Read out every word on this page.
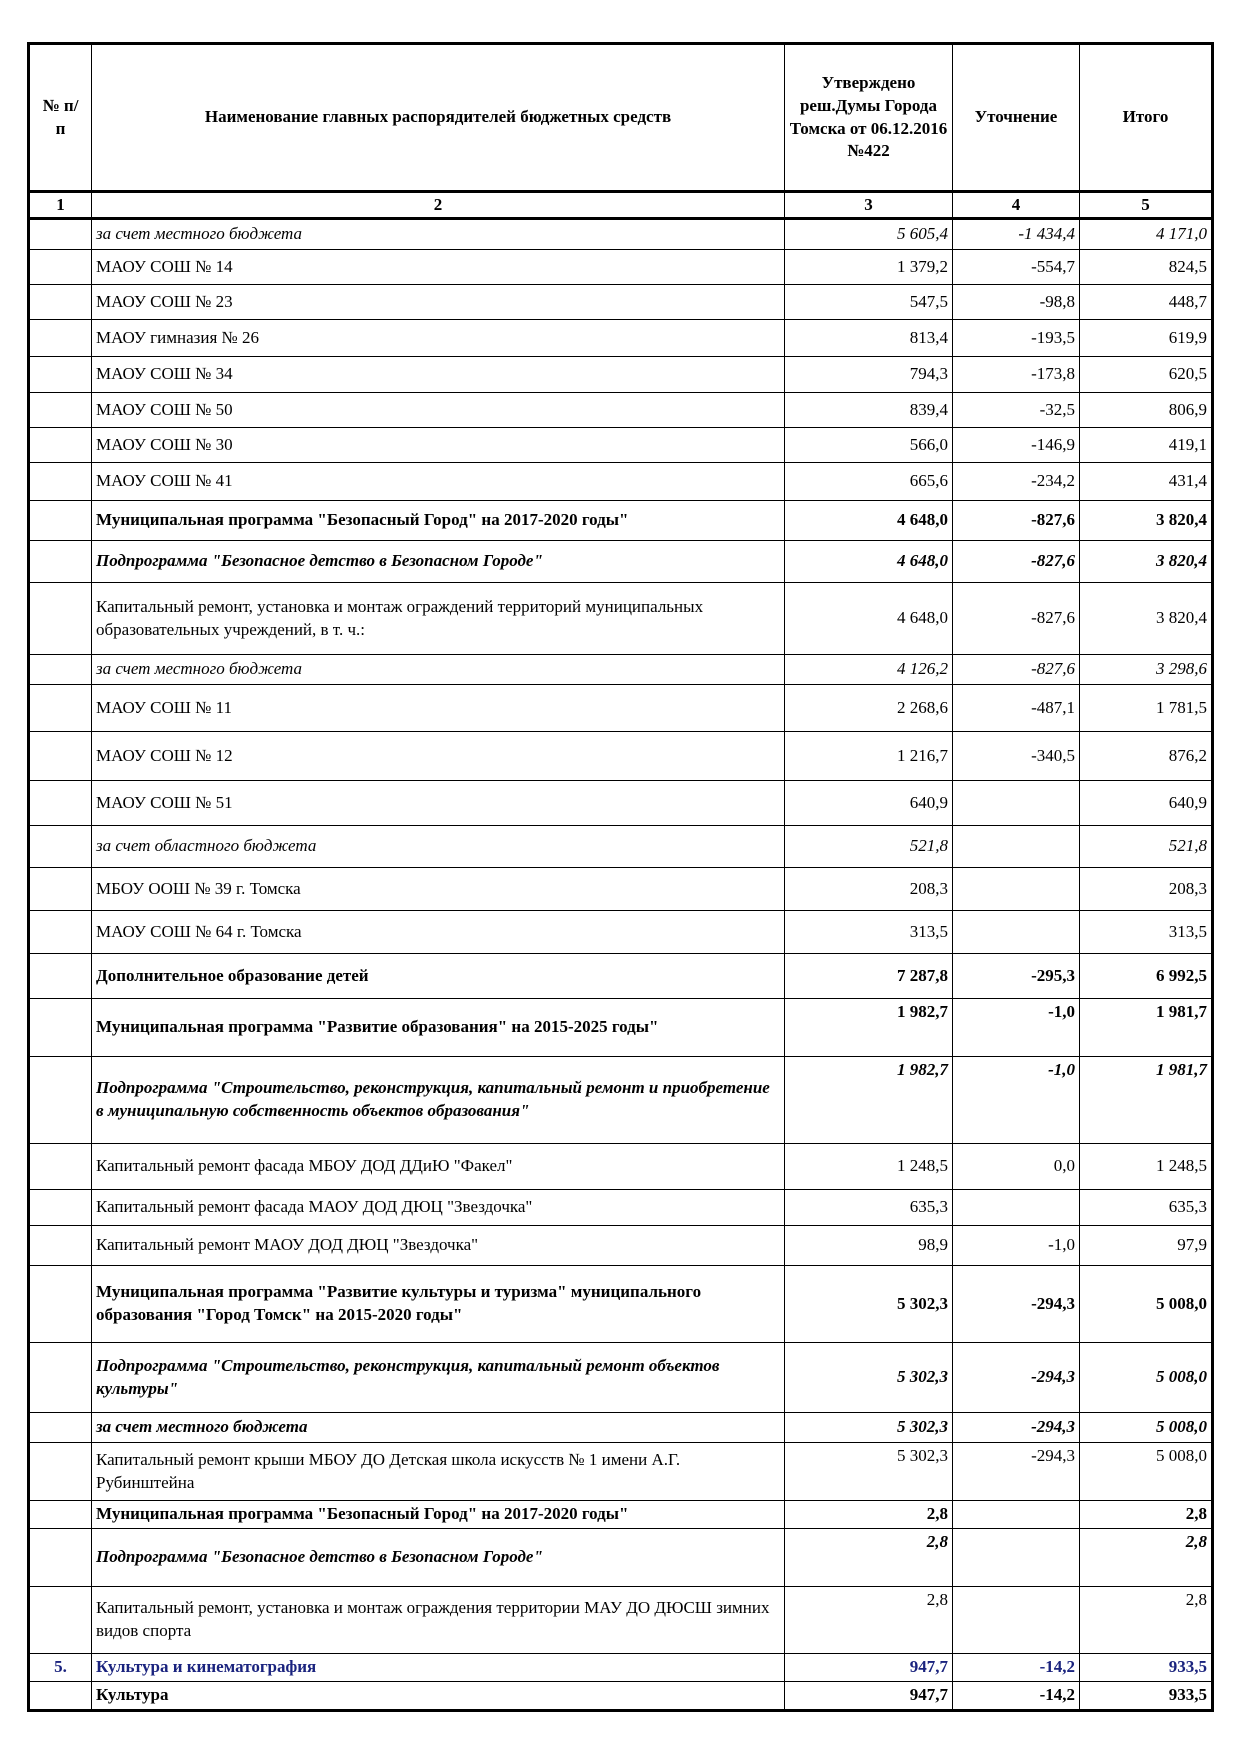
№ п/п	Наименование главных распорядителей бюджетных средств	Утверждено реш.Думы Города Томска от 06.12.2016 №422	Уточнение	Итого
1	2	3	4	5
	за счет местного бюджета	5 605,4	-1 434,4	4 171,0
	МАОУ СОШ № 14	1 379,2	-554,7	824,5
	МАОУ СОШ № 23	547,5	-98,8	448,7
	МАОУ гимназия № 26	813,4	-193,5	619,9
	МАОУ СОШ № 34	794,3	-173,8	620,5
	МАОУ СОШ № 50	839,4	-32,5	806,9
	МАОУ СОШ № 30	566,0	-146,9	419,1
	МАОУ СОШ № 41	665,6	-234,2	431,4
	Муниципальная программа "Безопасный Город" на 2017-2020 годы"	4 648,0	-827,6	3 820,4
	Подпрограмма "Безопасное детство в Безопасном Городе"	4 648,0	-827,6	3 820,4
	Капитальный ремонт, установка и монтаж ограждений территорий муниципальных образовательных учреждений, в т. ч.:	4 648,0	-827,6	3 820,4
	за счет местного бюджета	4 126,2	-827,6	3 298,6
	МАОУ СОШ № 11	2 268,6	-487,1	1 781,5
	МАОУ СОШ № 12	1 216,7	-340,5	876,2
	МАОУ СОШ № 51	640,9		640,9
	за счет областного бюджета	521,8		521,8
	МБОУ ООШ № 39 г. Томска	208,3		208,3
	МАОУ СОШ № 64 г. Томска	313,5		313,5
	Дополнительное образование детей	7 287,8	-295,3	6 992,5
	Муниципальная программа "Развитие образования" на 2015-2025 годы"	1 982,7	-1,0	1 981,7
	Подпрограмма "Строительство, реконструкция, капитальный ремонт и приобретение в муниципальную собственность объектов образования"	1 982,7	-1,0	1 981,7
	Капитальный ремонт фасада МБОУ ДОД ДДиЮ "Факел"	1 248,5	0,0	1 248,5
	Капитальный ремонт фасада МАОУ ДОД ДЮЦ "Звездочка"	635,3		635,3
	Капитальный ремонт МАОУ ДОД ДЮЦ "Звездочка"	98,9	-1,0	97,9
	Муниципальная программа "Развитие культуры и туризма" муниципального образования "Город Томск" на 2015-2020 годы"	5 302,3	-294,3	5 008,0
	Подпрограмма "Строительство, реконструкция, капитальный ремонт объектов культуры"	5 302,3	-294,3	5 008,0
	за счет местного бюджета	5 302,3	-294,3	5 008,0
	Капитальный ремонт крыши МБОУ ДО Детская школа искусств № 1 имени А.Г. Рубинштейна	5 302,3	-294,3	5 008,0
	Муниципальная программа "Безопасный Город" на 2017-2020 годы"	2,8		2,8
	Подпрограмма "Безопасное детство в Безопасном Городе"	2,8		2,8
	Капитальный ремонт, установка и монтаж ограждения территории МАУ ДО ДЮСШ зимних видов спорта	2,8		2,8
5.	Культура и кинематография	947,7	-14,2	933,5
	Культура	947,7	-14,2	933,5
